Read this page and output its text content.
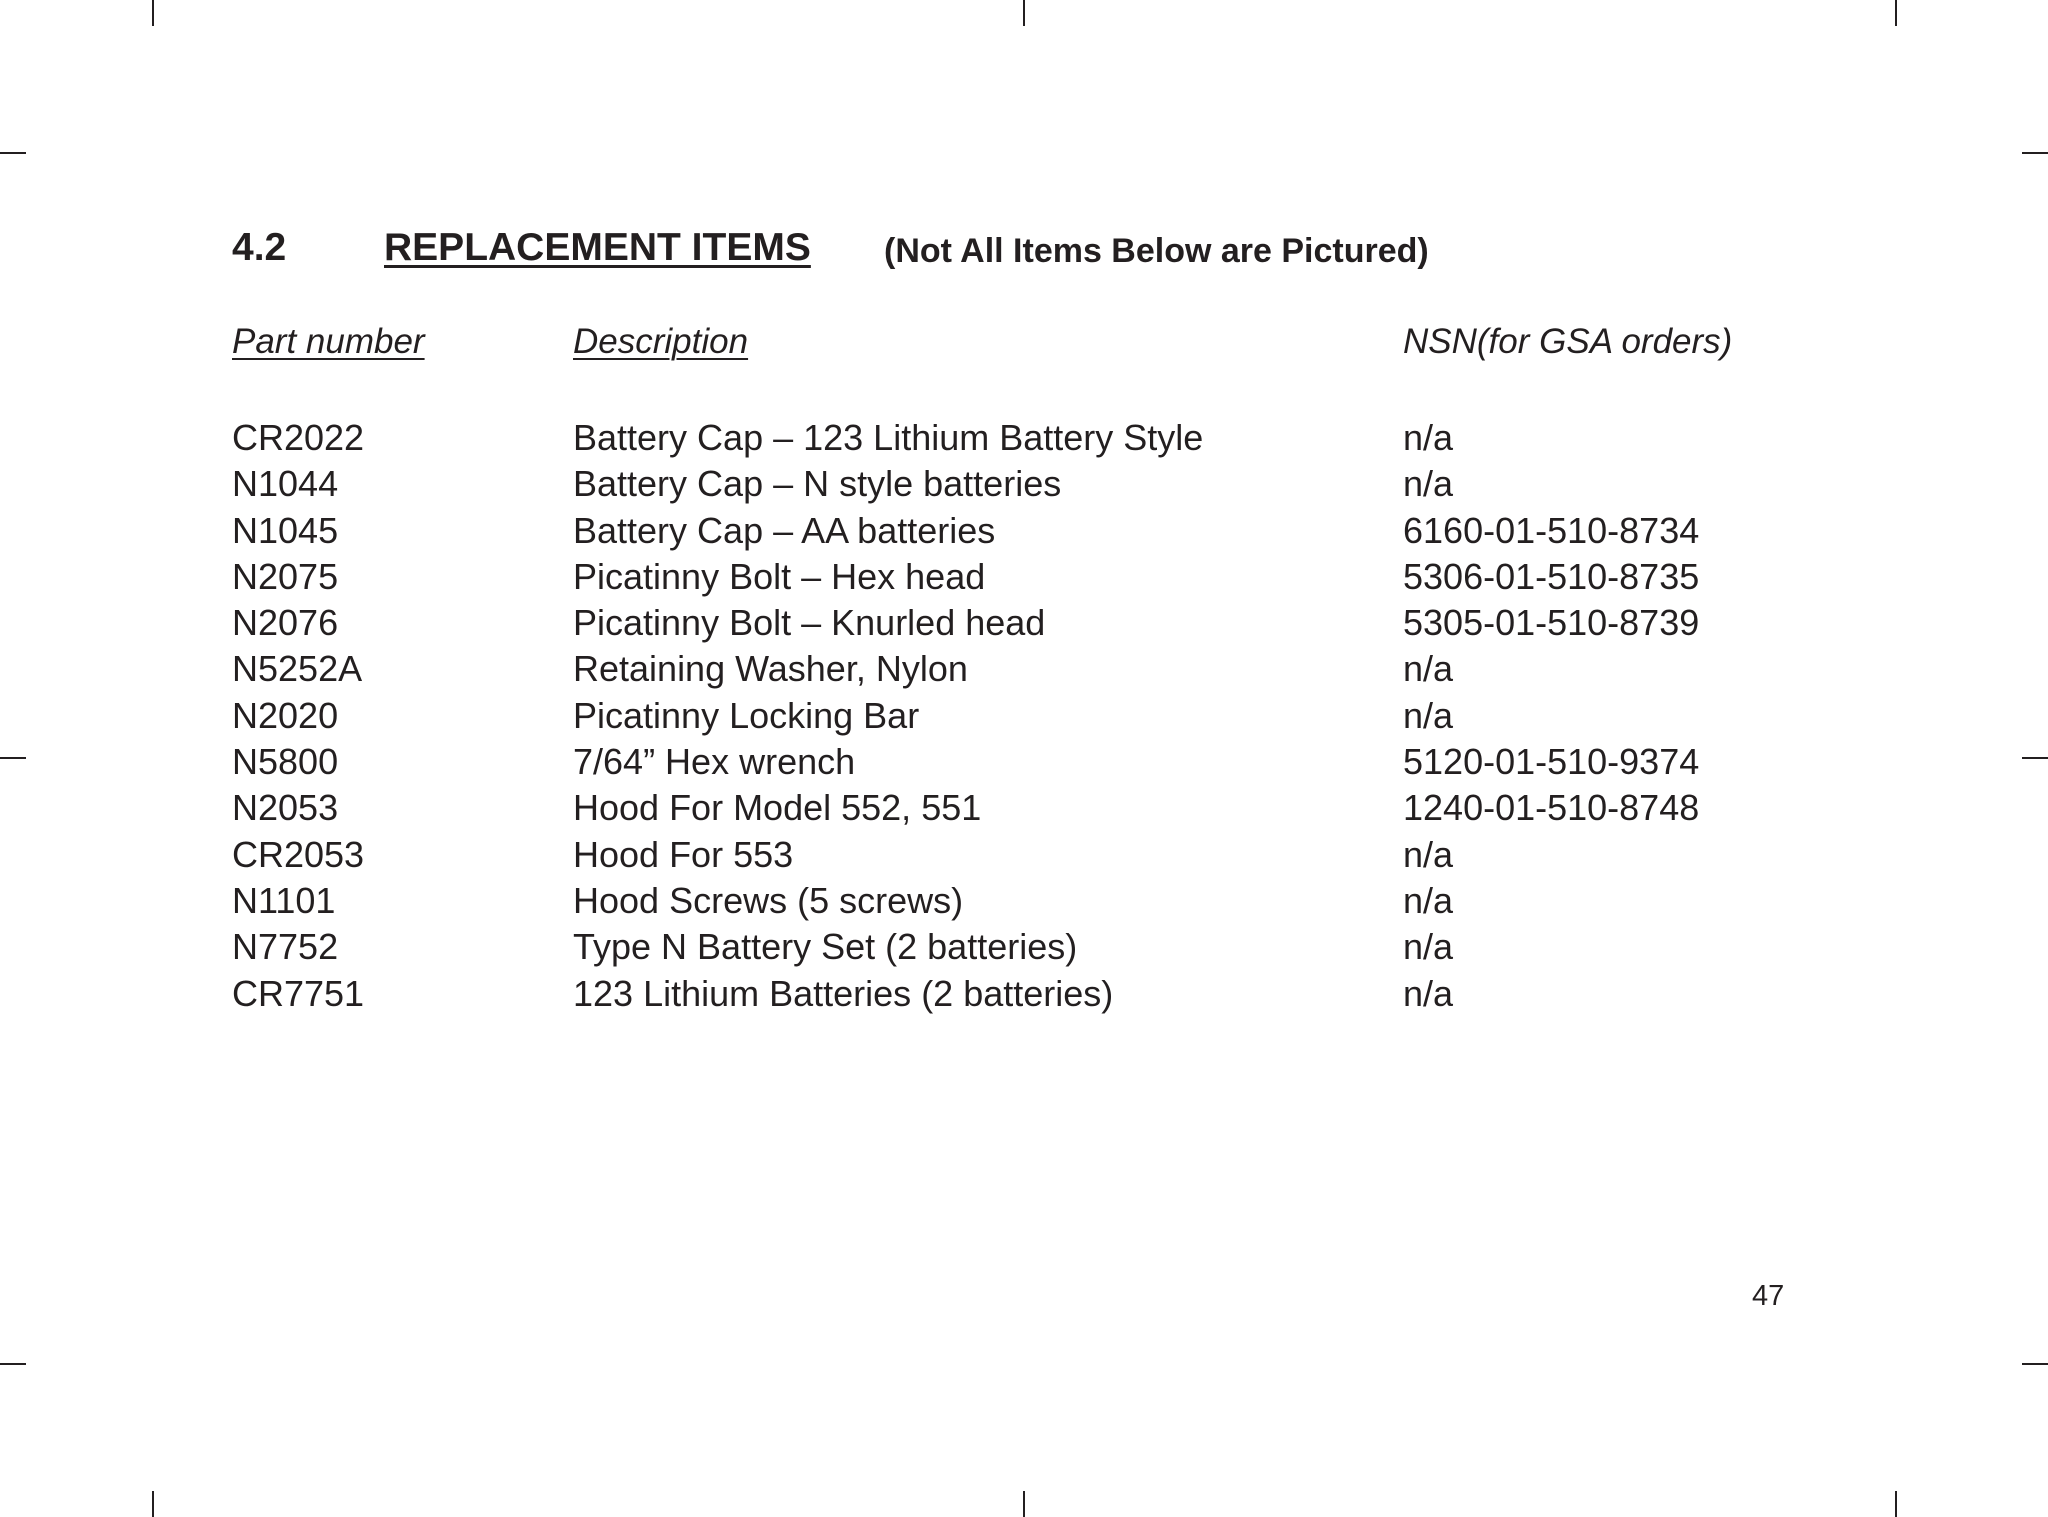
4.2	REPLACEMENT ITEMS (Not All Items Below are Pictured)
Part number	Description	NSN(for GSA orders)
CR2022	Battery Cap – 123 Lithium Battery Style	n/a
N1044	Battery Cap – N style batteries	n/a
N1045	Battery Cap – AA batteries	6160-01-510-8734
N2075	Picatinny Bolt – Hex head	5306-01-510-8735
N2076	Picatinny Bolt – Knurled head	5305-01-510-8739
N5252A	Retaining Washer, Nylon	n/a
N2020	Picatinny Locking Bar	n/a
N5800	7/64” Hex wrench	5120-01-510-9374
N2053	Hood For Model 552, 551	1240-01-510-8748
CR2053	Hood For 553	n/a
N1101	Hood Screws (5 screws)	n/a
N7752	Type N Battery Set (2 batteries)	n/a
CR7751	123 Lithium Batteries (2 batteries)	n/a
47
